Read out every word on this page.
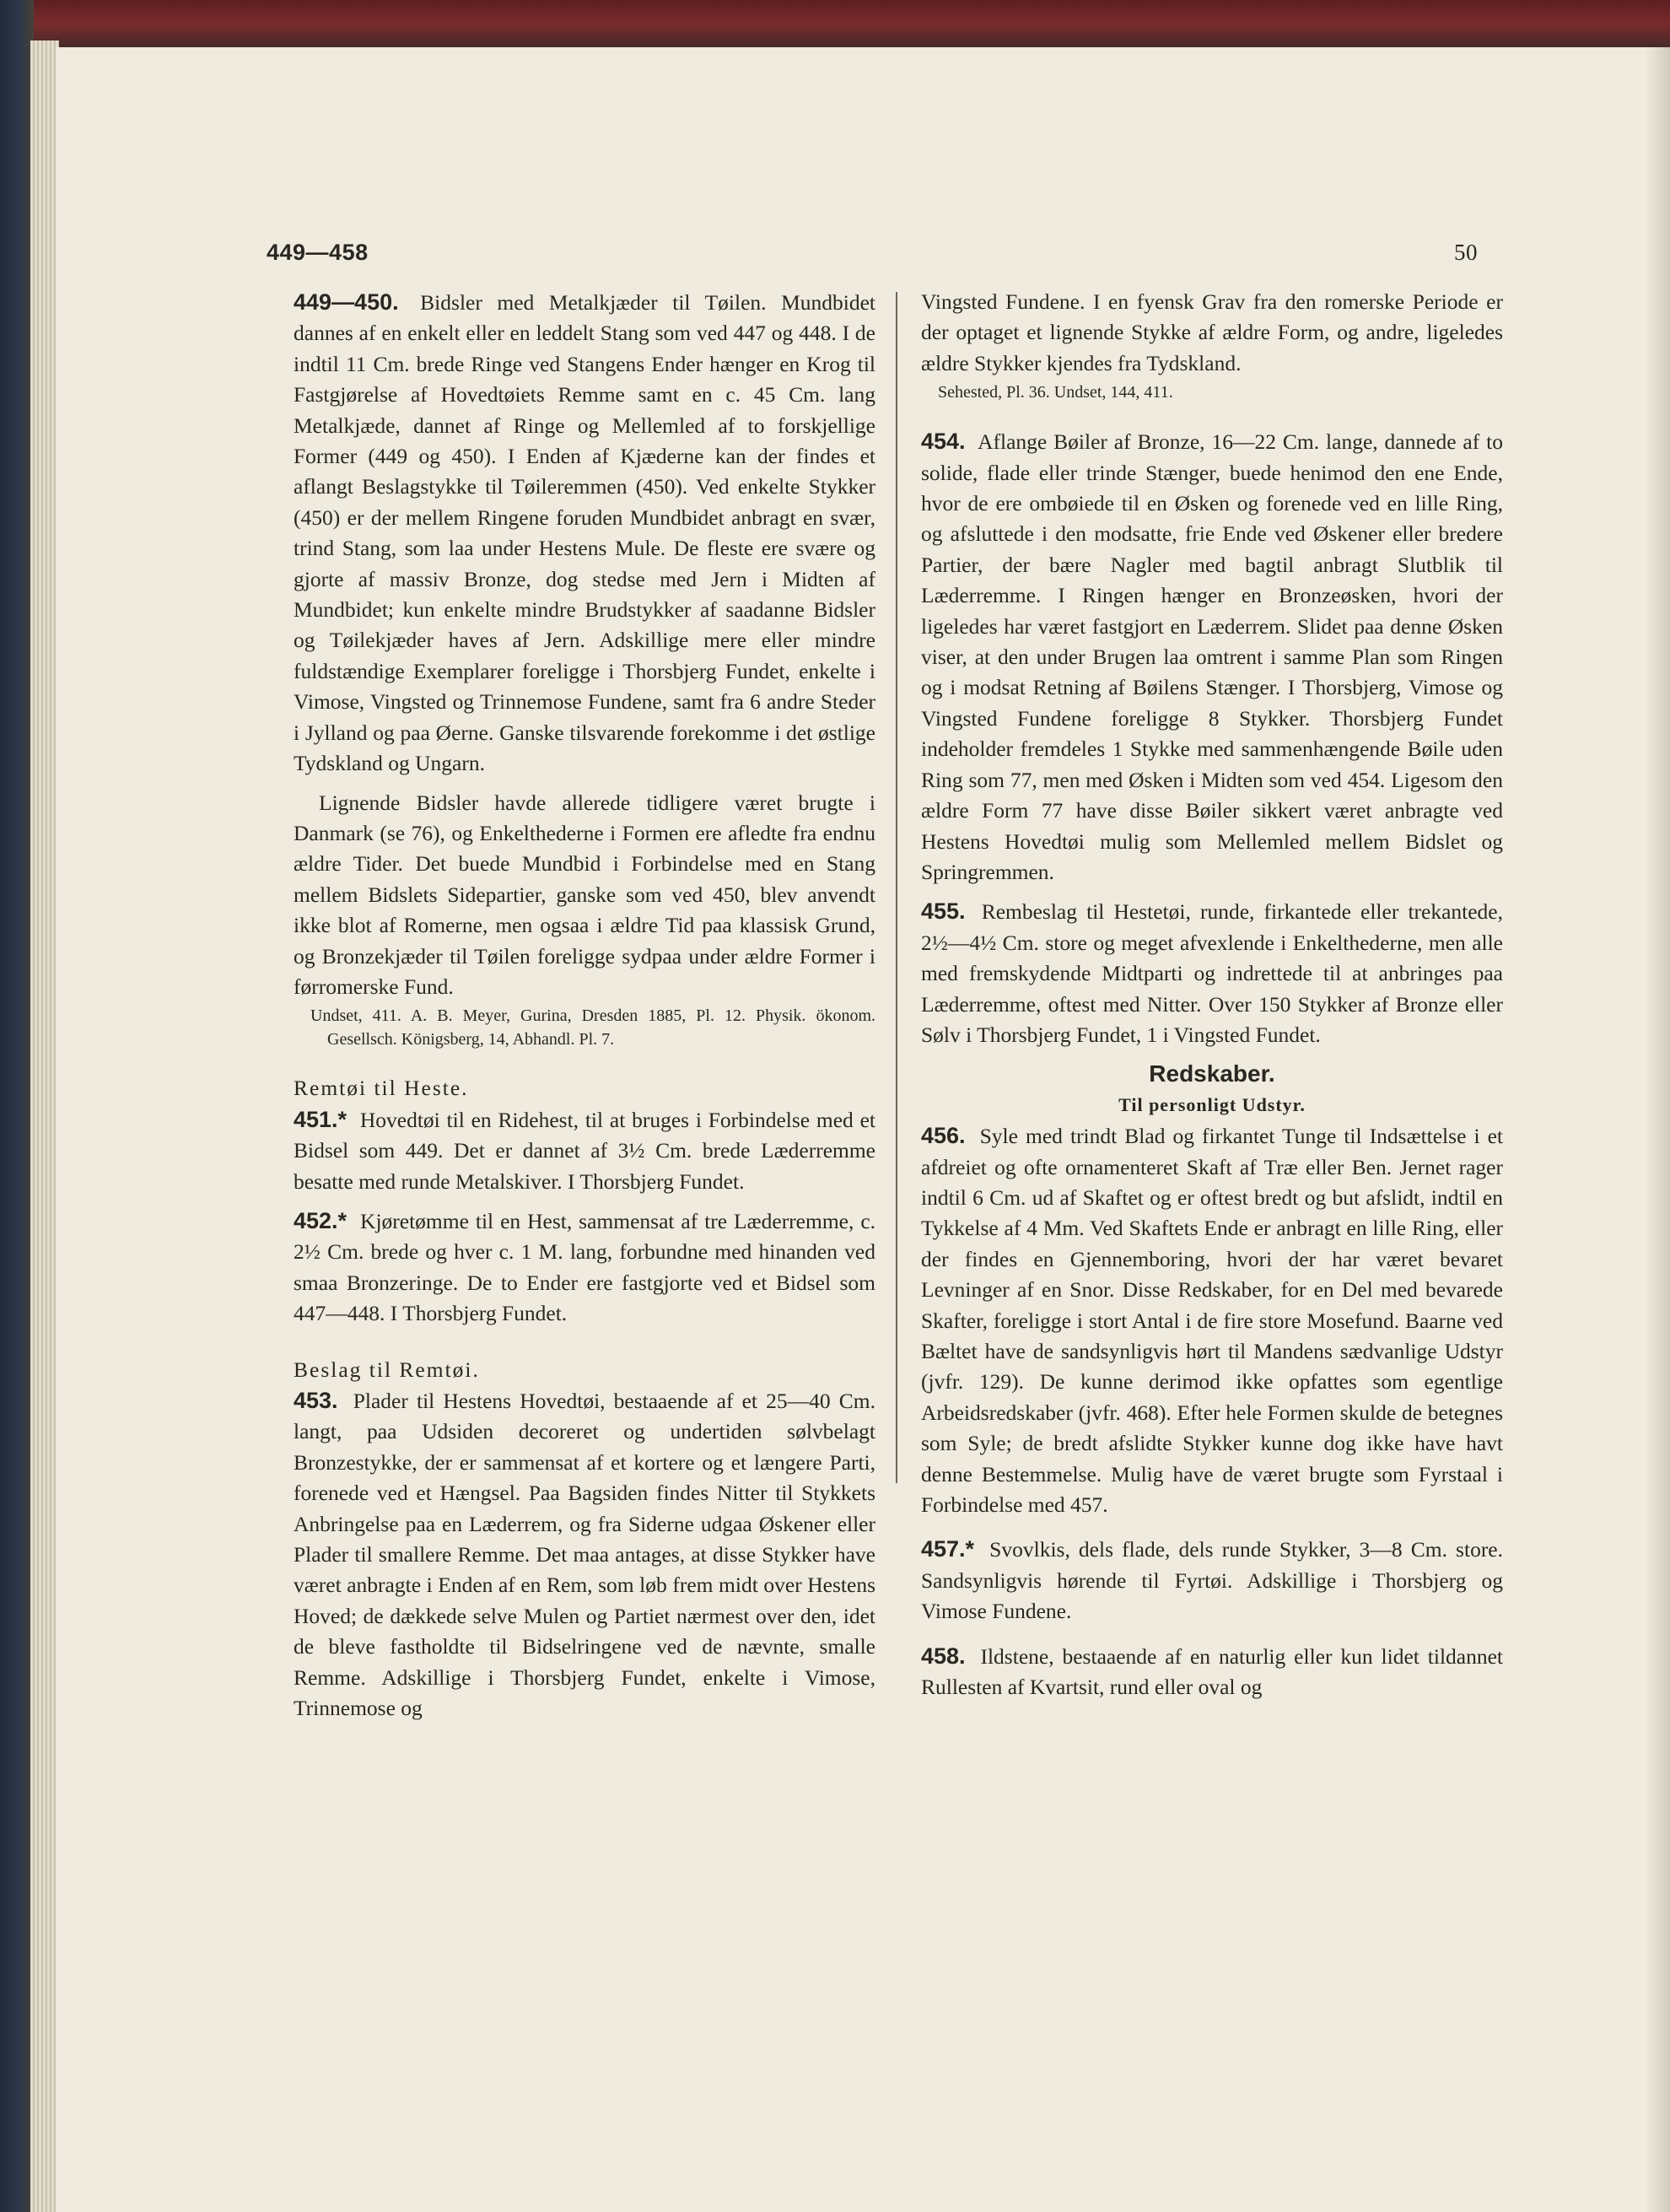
449—458	50

449—450. Bidsler med Metalkjæder til Tøilen. Mundbidet dannes af en enkelt eller en leddelt Stang som ved 447 og 448. I de indtil 11 Cm. brede Ringe ved Stangens Ender hænger en Krog til Fastgjørelse af Hovedtøiets Remme samt en c. 45 Cm. lang Metalkjæde, dannet af Ringe og Mellemled af to forskjellige Former (449 og 450). I Enden af Kjæderne kan der findes et aflangt Beslagstykke til Tøileremmen (450). Ved enkelte Stykker (450) er der mellem Ringene foruden Mundbidet anbragt en svær, trind Stang, som laa under Hestens Mule. De fleste ere svære og gjorte af massiv Bronze, dog stedse med Jern i Midten af Mundbidet; kun enkelte mindre Brudstykker af saadanne Bidsler og Tøilekjæder haves af Jern. Adskillige mere eller mindre fuldstændige Exemplarer foreligge i Thorsbjerg Fundet, enkelte i Vimose, Vingsted og Trinnemose Fundene, samt fra 6 andre Steder i Jylland og paa Øerne. Ganske tilsvarende forekomme i det østlige Tydskland og Ungarn.

Lignende Bidsler havde allerede tidligere været brugte i Danmark (se 76), og Enkelthederne i Formen ere afledte fra endnu ældre Tider. Det buede Mundbid i Forbindelse med en Stang mellem Bidslets Sidepartier, ganske som ved 450, blev anvendt ikke blot af Romerne, men ogsaa i ældre Tid paa klassisk Grund, og Bronzekjæder til Tøilen foreligge sydpaa under ældre Former i førromerske Fund.

Undset, 411. A. B. Meyer, Gurina, Dresden 1885, Pl. 12. Physik. ökonom. Gesellsch. Königsberg, 14, Abhandl. Pl. 7.

Remtøi til Heste.

451.* Hovedtøi til en Ridehest, til at bruges i Forbindelse med et Bidsel som 449. Det er dannet af 3½ Cm. brede Læderremme besatte med runde Metalskiver. I Thorsbjerg Fundet.

452.* Kjøretømme til en Hest, sammensat af tre Læderremme, c. 2½ Cm. brede og hver c. 1 M. lang, forbundne med hinanden ved smaa Bronzeringe. De to Ender ere fastgjorte ved et Bidsel som 447—448. I Thorsbjerg Fundet.

Beslag til Remtøi.

453. Plader til Hestens Hovedtøi, bestaaende af et 25—40 Cm. langt, paa Udsiden decoreret og undertiden sølvbelagt Bronzestykke, der er sammensat af et kortere og et længere Parti, forenede ved et Hængsel. Paa Bagsiden findes Nitter til Stykkets Anbringelse paa en Læderrem, og fra Siderne udgaa Øskener eller Plader til smallere Remme. Det maa antages, at disse Stykker have været anbragte i Enden af en Rem, som løb frem midt over Hestens Hoved; de dækkede selve Mulen og Partiet nærmest over den, idet de bleve fastholdte til Bidselringene ved de nævnte, smalle Remme. Adskillige i Thorsbjerg Fundet, enkelte i Vimose, Trinnemose og

Vingsted Fundene. I en fyensk Grav fra den romerske Periode er der optaget et lignende Stykke af ældre Form, og andre, ligeledes ældre Stykker kjendes fra Tydskland.

Sehested, Pl. 36. Undset, 144, 411.

454. Aflange Bøiler af Bronze, 16—22 Cm. lange, dannede af to solide, flade eller trinde Stænger, buede henimod den ene Ende, hvor de ere ombøiede til en Øsken og forenede ved en lille Ring, og afsluttede i den modsatte, frie Ende ved Øskener eller bredere Partier, der bære Nagler med bagtil anbragt Slutblik til Læderremme. I Ringen hænger en Bronzeøsken, hvori der ligeledes har været fastgjort en Læderrem. Slidet paa denne Øsken viser, at den under Brugen laa omtrent i samme Plan som Ringen og i modsat Retning af Bøilens Stænger. I Thorsbjerg, Vimose og Vingsted Fundene foreligge 8 Stykker. Thorsbjerg Fundet indeholder fremdeles 1 Stykke med sammenhængende Bøile uden Ring som 77, men med Øsken i Midten som ved 454. Ligesom den ældre Form 77 have disse Bøiler sikkert været anbragte ved Hestens Hovedtøi mulig som Mellemled mellem Bidslet og Springremmen.

455. Rembeslag til Hestetøi, runde, firkantede eller trekantede, 2½—4½ Cm. store og meget afvexlende i Enkelthederne, men alle med fremskydende Midtparti og indrettede til at anbringes paa Læderremme, oftest med Nitter. Over 150 Stykker af Bronze eller Sølv i Thorsbjerg Fundet, 1 i Vingsted Fundet.

Redskaber.

Til personligt Udstyr.

456. Syle med trindt Blad og firkantet Tunge til Indsættelse i et afdreiet og ofte ornamenteret Skaft af Træ eller Ben. Jernet rager indtil 6 Cm. ud af Skaftet og er oftest bredt og but afslidt, indtil en Tykkelse af 4 Mm. Ved Skaftets Ende er anbragt en lille Ring, eller der findes en Gjennemboring, hvori der har været bevaret Levninger af en Snor. Disse Redskaber, for en Del med bevarede Skafter, foreligge i stort Antal i de fire store Mosefund. Baarne ved Bæltet have de sandsynligvis hørt til Mandens sædvanlige Udstyr (jvfr. 129). De kunne derimod ikke opfattes som egentlige Arbeidsredskaber (jvfr. 468). Efter hele Formen skulde de betegnes som Syle; de bredt afslidte Stykker kunne dog ikke have havt denne Bestemmelse. Mulig have de været brugte som Fyrstaal i Forbindelse med 457.

457.* Svovlkis, dels flade, dels runde Stykker, 3—8 Cm. store. Sandsynligvis hørende til Fyrtøi. Adskillige i Thorsbjerg og Vimose Fundene.

458. Ildstene, bestaaende af en naturlig eller kun lidet tildannet Rullesten af Kvartsit, rund eller oval og
